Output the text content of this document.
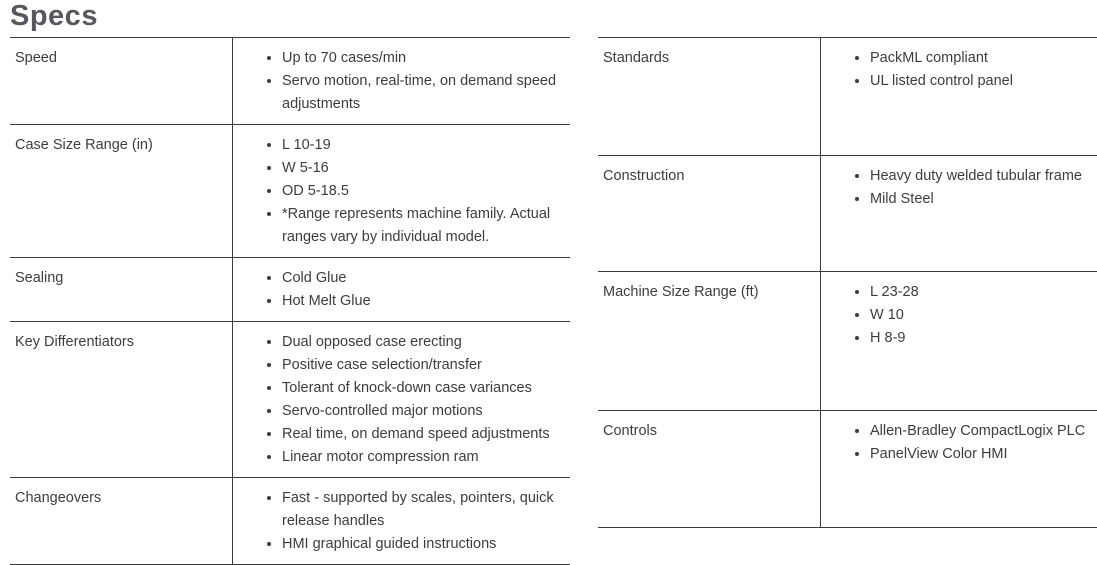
Specs
Speed	• Up to 70 cases/min
• Servo motion, real-time, on demand speed adjustments
Case Size Range (in)	• L 10-19
• W 5-16
• OD 5-18.5
• *Range represents machine family. Actual ranges vary by individual model.
Sealing	• Cold Glue
• Hot Melt Glue
Key Differentiators	• Dual opposed case erecting
• Positive case selection/transfer
• Tolerant of knock-down case variances
• Servo-controlled major motions
• Real time, on demand speed adjustments
• Linear motor compression ram
Changeovers	• Fast - supported by scales, pointers, quick release handles
• HMI graphical guided instructions
Standards	• PackML compliant
• UL listed control panel
Construction	• Heavy duty welded tubular frame
• Mild Steel
Machine Size Range (ft)	• L 23-28
• W 10
• H 8-9
Controls	• Allen-Bradley CompactLogix PLC
• PanelView Color HMI
